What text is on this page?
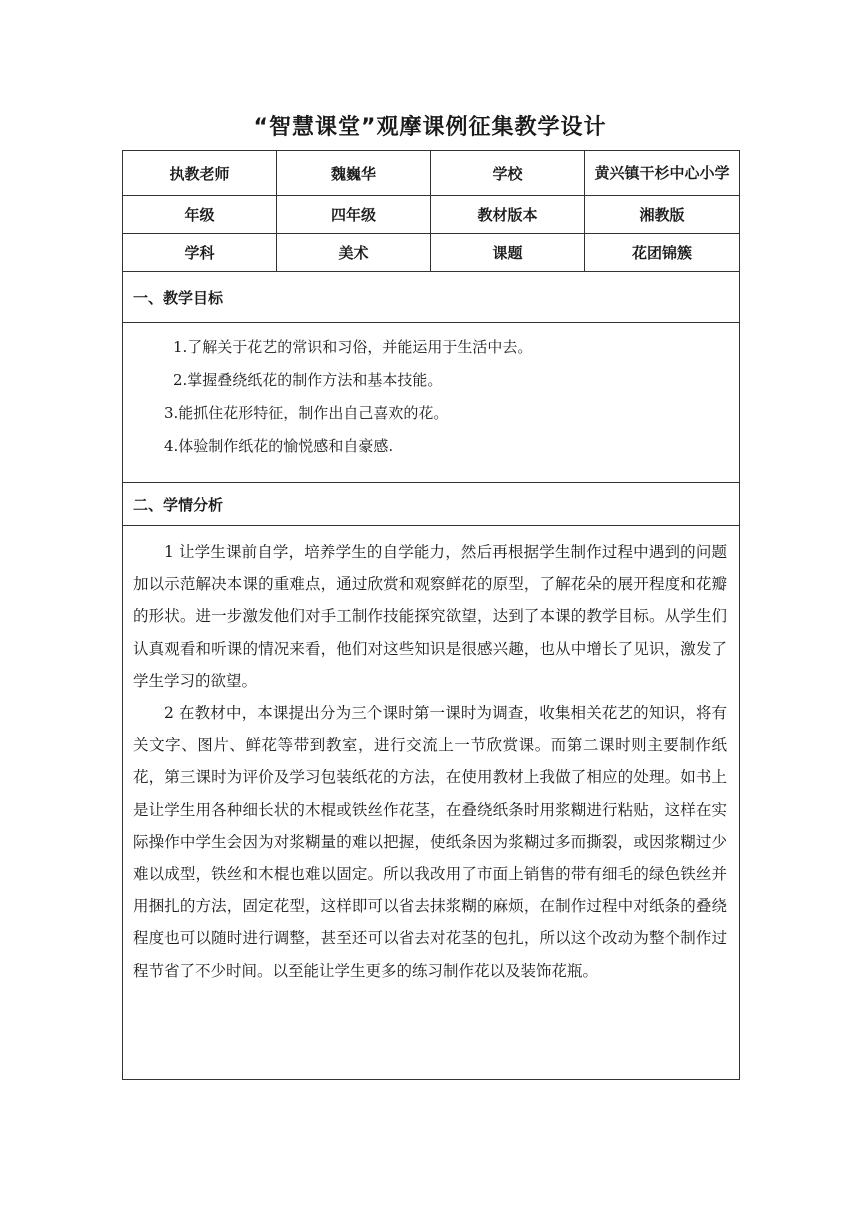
“智慧课堂”观摩课例征集教学设计
执教老师	魏巍华	学校	黄兴镇干杉中心小学
年级	四年级	教材版本	湘教版
学科	美术	课题	花团锦簇
一、教学目标			

1.了解关于花艺的常识和习俗，并能运用于生活中去。
2.掌握叠绕纸花的制作方法和基本技能。
3.能抓住花形特征，制作出自己喜欢的花。
4.体验制作纸花的愉悦感和自豪感.			

二、学情分析			

1 让学生课前自学，培养学生的自学能力，然后再根据学生制作过程中遇到的问题加以示范解决本课的重难点，通过欣赏和观察鲜花的原型，了解花朵的展开程度和花瓣的形状。进一步激发他们对手工制作技能探究欲望，达到了本课的教学目标。从学生们认真观看和听课的情况来看，他们对这些知识是很感兴趣，也从中增长了见识，激发了学生学习的欲望。

2 在教材中，本课提出分为三个课时第一课时为调查，收集相关花艺的知识，将有关文字、图片、鲜花等带到教室，进行交流上一节欣赏课。而第二课时则主要制作纸花，第三课时为评价及学习包装纸花的方法，在使用教材上我做了相应的处理。如书上是让学生用各种细长状的木棍或铁丝作花茎，在叠绕纸条时用浆糊进行粘贴，这样在实际操作中学生会因为对浆糊量的难以把握，使纸条因为浆糊过多而撕裂，或因浆糊过少难以成型，铁丝和木棍也难以固定。所以我改用了市面上销售的带有细毛的绿色铁丝并用捆扎的方法，固定花型，这样即可以省去抹浆糊的麻烦，在制作过程中对纸条的叠绕程度也可以随时进行调整，甚至还可以省去对花茎的包扎，所以这个改动为整个制作过程节省了不少时间。以至能让学生更多的练习制作花以及装饰花瓶。			
